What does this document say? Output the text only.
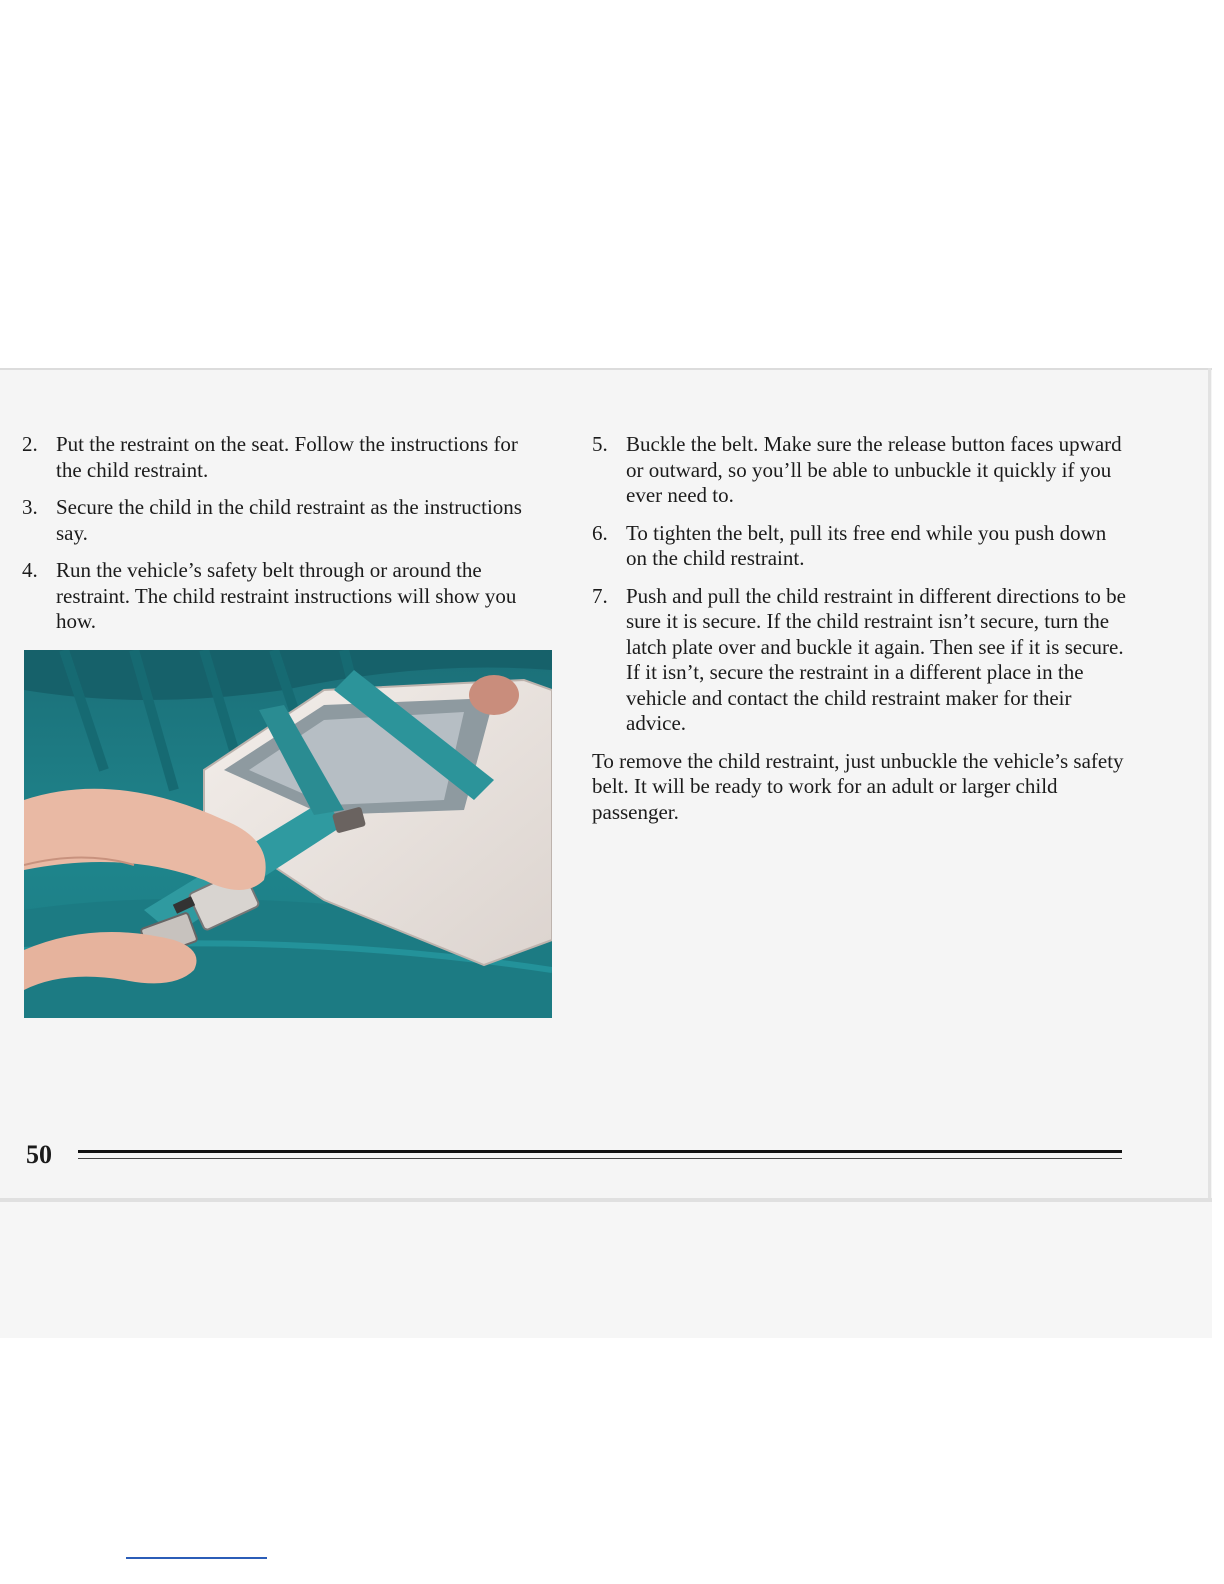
2. Put the restraint on the seat. Follow the instructions for the child restraint.
3. Secure the child in the child restraint as the instructions say.
4. Run the vehicle’s safety belt through or around the restraint. The child restraint instructions will show you how.
5. Buckle the belt. Make sure the release button faces upward or outward, so you’ll be able to unbuckle it quickly if you ever need to.
6. To tighten the belt, pull its free end while you push down on the child restraint.
7. Push and pull the child restraint in different directions to be sure it is secure. If the child restraint isn’t secure, turn the latch plate over and buckle it again. Then see if it is secure. If it isn’t, secure the restraint in a different place in the vehicle and contact the child restraint maker for their advice.

To remove the child restraint, just unbuckle the vehicle’s safety belt. It will be ready to work for an adult or larger child passenger.

50
